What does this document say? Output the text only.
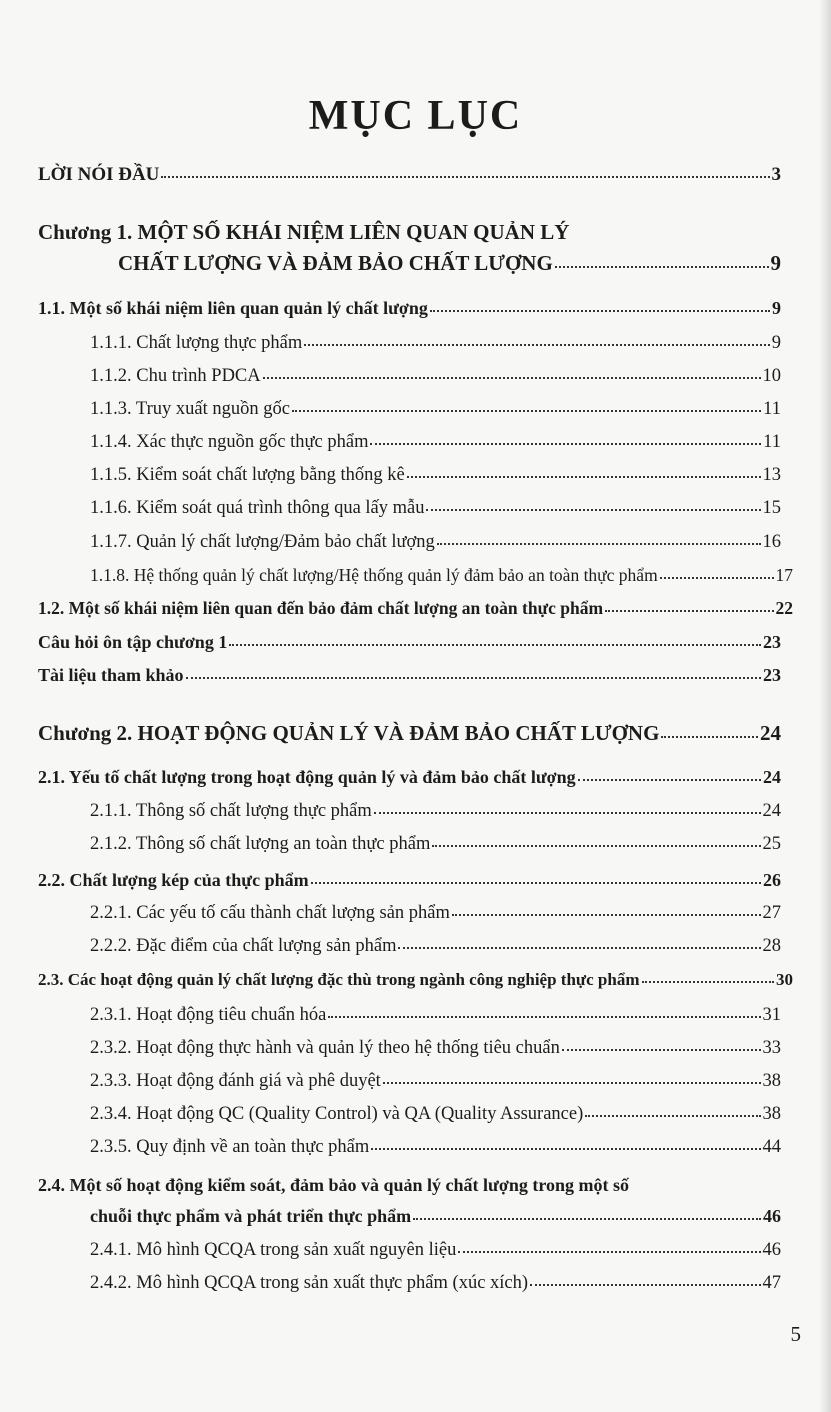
MỤC LỤC
LỜI NÓI ĐẦU	3
Chương 1. MỘT SỐ KHÁI NIỆM LIÊN QUAN QUẢN LÝ
CHẤT LƯỢNG VÀ ĐẢM BẢO CHẤT LƯỢNG	9
1.1. Một số khái niệm liên quan quản lý chất lượng	9
1.1.1. Chất lượng thực phẩm	9
1.1.2. Chu trình PDCA	10
1.1.3. Truy xuất nguồn gốc	11
1.1.4. Xác thực nguồn gốc thực phẩm	11
1.1.5. Kiểm soát chất lượng bằng thống kê	13
1.1.6. Kiểm soát quá trình thông qua lấy mẫu	15
1.1.7. Quản lý chất lượng/Đảm bảo chất lượng	16
1.1.8. Hệ thống quản lý chất lượng/Hệ thống quản lý đảm bảo an toàn thực phẩm	17
1.2. Một số khái niệm liên quan đến bảo đảm chất lượng an toàn thực phẩm	22
Câu hỏi ôn tập chương 1	23
Tài liệu tham khảo	23
Chương 2. HOẠT ĐỘNG QUẢN LÝ VÀ ĐẢM BẢO CHẤT LƯỢNG	24
2.1. Yếu tố chất lượng trong hoạt động quản lý và đảm bảo chất lượng	24
2.1.1. Thông số chất lượng thực phẩm	24
2.1.2. Thông số chất lượng an toàn thực phẩm	25
2.2. Chất lượng kép của thực phẩm	26
2.2.1. Các yếu tố cấu thành chất lượng sản phẩm	27
2.2.2. Đặc điểm của chất lượng sản phẩm	28
2.3. Các hoạt động quản lý chất lượng đặc thù trong ngành công nghiệp thực phẩm	30
2.3.1. Hoạt động tiêu chuẩn hóa	31
2.3.2. Hoạt động thực hành và quản lý theo hệ thống tiêu chuẩn	33
2.3.3. Hoạt động đánh giá và phê duyệt	38
2.3.4. Hoạt động QC (Quality Control) và QA (Quality Assurance)	38
2.3.5. Quy định về an toàn thực phẩm	44
2.4. Một số hoạt động kiểm soát, đảm bảo và quản lý chất lượng trong một số
chuỗi thực phẩm và phát triển thực phẩm	46
2.4.1. Mô hình QCQA trong sản xuất nguyên liệu	46
2.4.2. Mô hình QCQA trong sản xuất thực phẩm (xúc xích)	47
5
